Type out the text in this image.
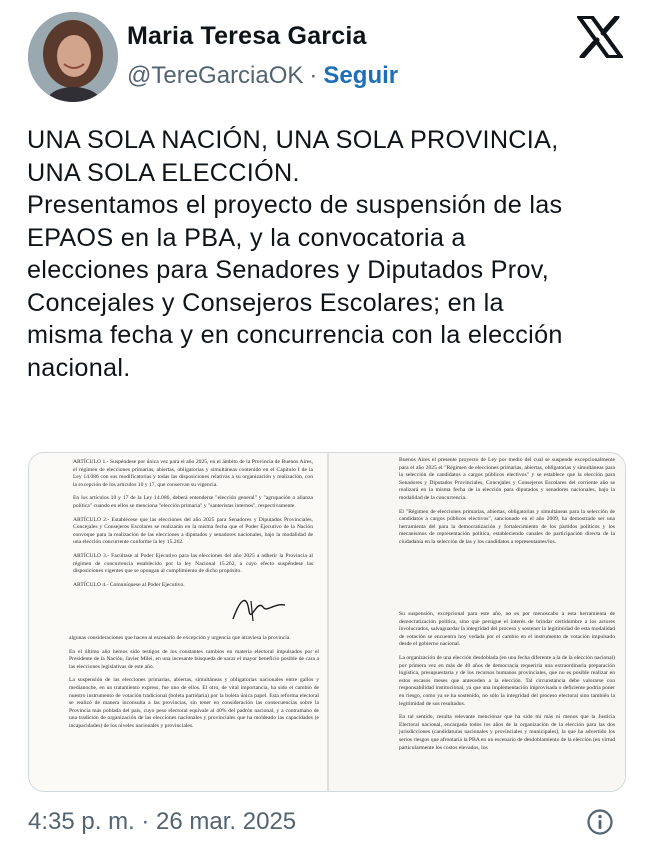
Maria Teresa Garcia
@TereGarciaOK · Seguir
UNA SOLA NACIÓN, UNA SOLA PROVINCIA,
UNA SOLA ELECCIÓN.
Presentamos el proyecto de suspensión de las
EPAOS en la PBA, y la convocatoria a
elecciones para Senadores y Diputados Prov,
Concejales y Consejeros Escolares; en la
misma fecha y en concurrencia con la elección
nacional.

ARTÍCULO 1.- Suspéndese por única vez para el año 2025, en el ámbito de la Provincia de Buenos Aires, el régimen de elecciones primarias, abiertas, obligatorias y simultáneas contenido en el Capítulo I de la Ley 14.086 con sus modificatorias y todas las disposiciones relativas a su organización y realización, con la excepción de los artículos 10 y 17, que conservan su vigencia.

En los artículos 10 y 17 de la Ley 14.086, deberá entenderse "elección general" y "agrupación o alianza política" cuando en ellos se menciona "elección primaria" y "santeristas internos", respectivamente.

ARTÍCULO 2.- Establécese que las elecciones del año 2025 para Senadores y Diputados Provinciales, Concejales y Consejeros Escolares se realizarán en la misma fecha que el Poder Ejecutivo de la Nación convoque para la realización de las elecciones a diputados y senadores nacionales, bajo la modalidad de una elección concurrente conforme la ley 15.262.

ARTÍCULO 3.- Facúltase al Poder Ejecutivo para las elecciones del año 2025 a adherir la Provincia al régimen de concurrencia establecido por la ley Nacional 15.262, a cuyo efecto suspéndese las disposiciones vigentes que se opongan al cumplimiento de dicho propósito.

ARTÍCULO 4.- Comuníquese al Poder Ejecutivo.

algunas consideraciones que hacen al escenario de excepción y urgencia que atraviesa la provincia.

En el último año hemos sido testigos de los constantes cambios en materia electoral impulsados por el Presidente de la Nación, Javier Milei, en una incesante búsqueda de sacar el mayor beneficio posible de cara a las elecciones legislativas de este año.

La suspensión de las elecciones primarias, abiertas, simultáneas y obligatorias nacionales entre gallos y medianoche, en un tratamiento express, fue uno de ellos. El otro, de vital importancia, ha sido el cambio de nuestro instrumento de votación tradicional (boleta partidaria) por la boleta única papel. Esta reforma electoral se realizó de manera inconsulta a las provincias, sin tener en consideración las consecuencias sobre la Provincia más poblada del país, cuyo peso electoral equivale al 40% del padrón nacional, y a contramano de una tradición de organización de las elecciones nacionales y provinciales que ha moldeado las capacidades (e incapacidades) de los niveles nacionales y provinciales.

Buenos Aires el presente proyecto de Ley por medio del cual se suspende excepcionalmente para el año 2025 el "Régimen de elecciones primarias, abiertas, obligatorias y simultáneas para la selección de candidatos a cargos públicos electivos" y se establece que la elección para Senadores y Diputados Provinciales, Concejales y Consejeros Escolares del corriente año se realizará en la misma fecha de la elección para diputados y senadores nacionales, bajo la modalidad de la concurrencia.

El "Régimen de elecciones primarias, abiertas, obligatorias y simultáneas para la selección de candidatos a cargos públicos electivos", sancionado en el año 2009, ha demostrado ser una herramienta del para la democratización y fortalecimiento de los partidos políticos y los mecanismos de representación política, estableciendo canales de participación directa de la ciudadanía en la selección de las y los candidatos a representantes/los.

Su suspensión, excepcional para este año, no es por menoscabo a esta herramienta de democratización política, sino que persigue el interés de brindar certidumbre a los actores involucrados, salvaguardar la integridad del proceso y sostener la legitimidad de esta modalidad de votación se encuentra hoy vedada por el cambio en el instrumento de votación impulsado desde el gobierno nacional.

La organización de una elección desdoblada (en una fecha diferente a la de la elección nacional) por primera vez en más de 40 años de democracia requeriría una extraordinaria preparación logística, presupuestaria y de los recursos humanos provinciales, que no es posible realizar en estos escasos meses que anteceden a la elección. Tal circunstancia debe valorarse con responsabilidad institucional, ya que una implementación improvisada o deficiente podría poner en riesgo, como ya se ha sostenido, no sólo la integridad del proceso electoral sino también la legitimidad de sus resultados.

En tal sentido, resulta relevante mencionar que ha sido mi más ni menos que la Justicia Electoral nacional, encargada todos los años de la organización de la elección para las dos jurisdicciones (candidaturas nacionales y provinciales y municipales), la que ha advertido los serios riesgos que afrontaría la PBA en un escenario de desdoblamiento de la elección (en virtud particularmente los costos elevados, los

4:35 p. m. · 26 mar. 2025
